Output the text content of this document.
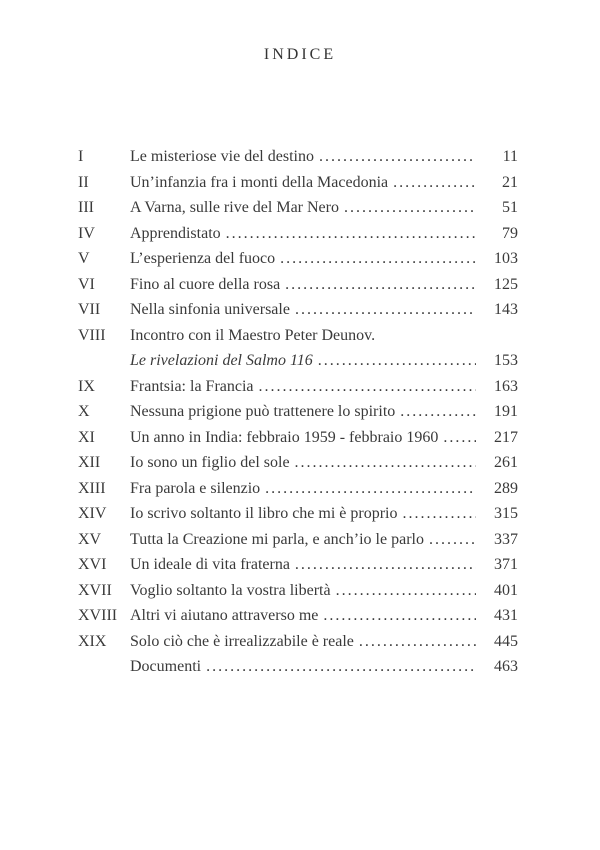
INDICE
I	Le misteriose vie del destino .....	11
II	Un’infanzia fra i monti della Macedonia .....	21
III	A Varna, sulle rive del Mar Nero .....	51
IV	Apprendistato .....	79
V	L’esperienza del fuoco .....	103
VI	Fino al cuore della rosa .....	125
VII	Nella sinfonia universale .....	143
VIII	Incontro con il Maestro Peter Deunov.
Le rivelazioni del Salmo 116 .....	153
IX	Frantsia: la Francia .....	163
X	Nessuna prigione può trattenere lo spirito .....	191
XI	Un anno in India: febbraio 1959 - febbraio 1960 .....	217
XII	Io sono un figlio del sole .....	261
XIII	Fra parola e silenzio .....	289
XIV	Io scrivo soltanto il libro che mi è proprio .....	315
XV	Tutta la Creazione mi parla, e anch’io le parlo .....	337
XVI	Un ideale di vita fraterna .....	371
XVII	Voglio soltanto la vostra libertà .....	401
XVIII Altri vi aiutano attraverso me .....	431
XIX	Solo ciò che è irrealizzabile è reale .....	445
Documenti .....	463
